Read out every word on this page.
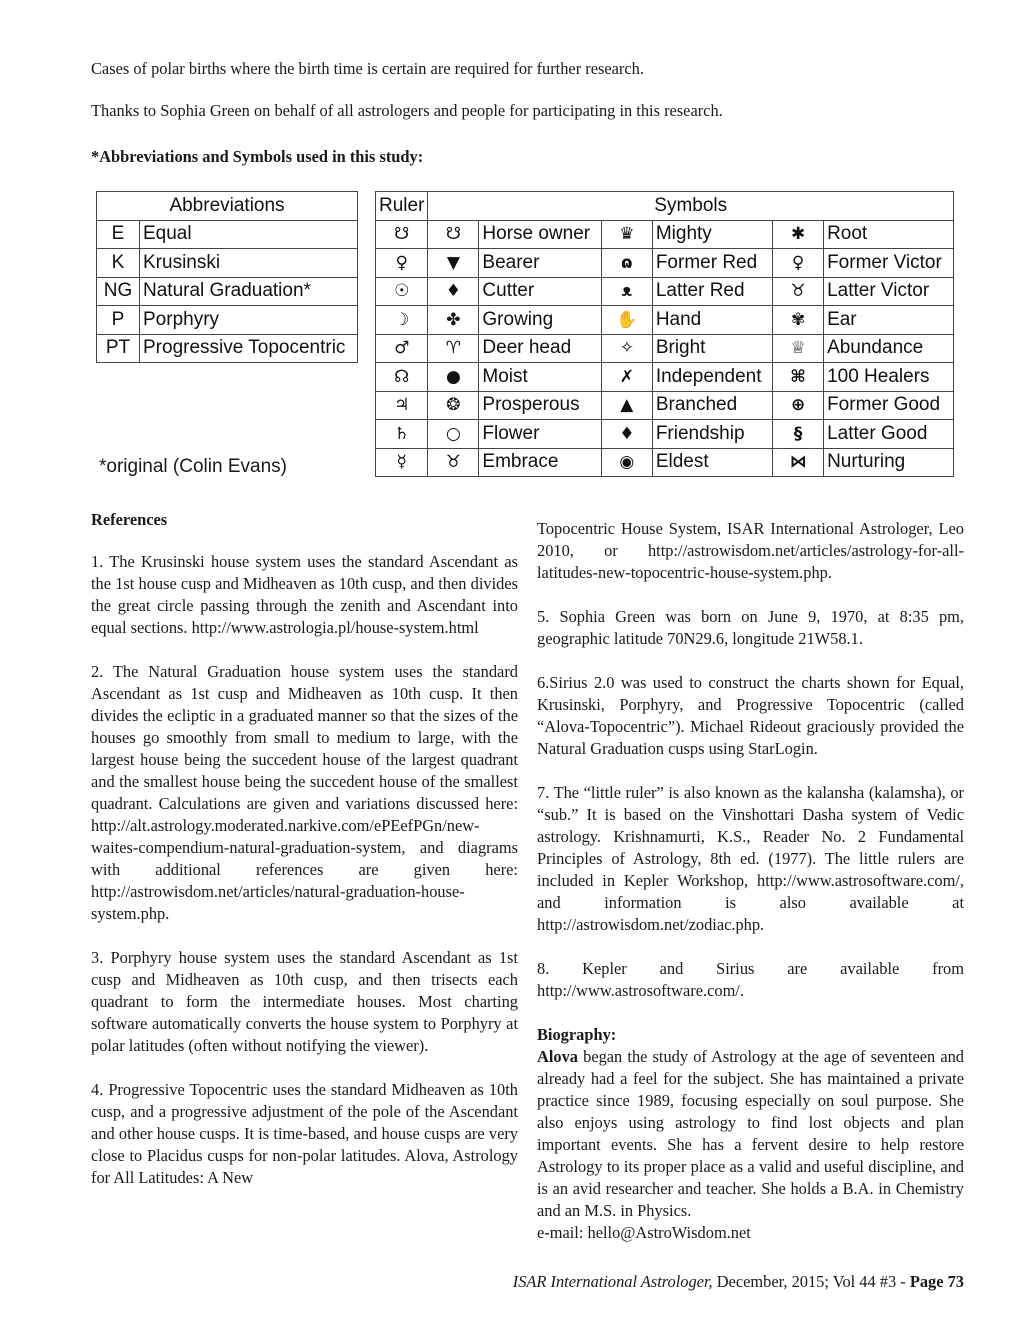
Cases of polar births where the birth time is certain are required for further research.
Thanks to Sophia Green on behalf of all astrologers and people for participating in this research.
*Abbreviations and Symbols used in this study:
Abbreviations	
E	Equal
K	Krusinski
NG	Natural Graduation*
P	Porphyry
PT	Progressive Topocentric
*original (Colin Evans)
Ruler	Symbols					
☋	☋	Horse owner	♛	Mighty	✱	Root
♀	▼	Bearer	ɷ	Former Red	♀	Former Victor
☉	♦	Cutter	ᴥ	Latter Red	♉	Latter Victor
☽	✤	Growing	✋	Hand	✾	Ear
♂	♈	Deer head	✧	Bright	♕	Abundance
☊	●	Moist	✗	Independent	⌘	100 Healers
♃	❂	Prosperous	▲	Branched	⊕	Former Good
♄	○	Flower	♦	Friendship	§	Latter Good
☿	♉	Embrace	◉	Eldest	⋈	Nurturing
References

1. The Krusinski house system uses the standard Ascendant as the 1st house cusp and Midheaven as 10th cusp, and then divides the great circle passing through the zenith and Ascendant into equal sections. http://www.astrologia.pl/house-system.html

2. The Natural Graduation house system uses the standard Ascendant as 1st cusp and Midheaven as 10th cusp. It then divides the ecliptic in a graduated manner so that the sizes of the houses go smoothly from small to medium to large, with the largest house being the succedent house of the largest quadrant and the smallest house being the succedent house of the smallest quadrant. Calculations are given and variations discussed here: http://alt.astrology.moderated.narkive.com/ePEefPGn/new-waites-compendium-natural-graduation-system, and diagrams with additional references are given here: http://astrowisdom.net/articles/natural-graduation-house-system.php.

3. Porphyry house system uses the standard Ascendant as 1st cusp and Midheaven as 10th cusp, and then trisects each quadrant to form the intermediate houses. Most charting software automatically converts the house system to Porphyry at polar latitudes (often without notifying the viewer).

4. Progressive Topocentric uses the standard Midheaven as 10th cusp, and a progressive adjustment of the pole of the Ascendant and other house cusps. It is time-based, and house cusps are very close to Placidus cusps for non-polar latitudes. Alova, Astrology for All Latitudes: A New

Topocentric House System, ISAR International Astrologer, Leo 2010, or http://astrowisdom.net/articles/astrology-for-all-latitudes-new-topocentric-house-system.php.

5. Sophia Green was born on June 9, 1970, at 8:35 pm, geographic latitude 70N29.6, longitude 21W58.1.

6.Sirius 2.0 was used to construct the charts shown for Equal, Krusinski, Porphyry, and Progressive Topocentric (called “Alova-Topocentric”). Michael Rideout graciously provided the Natural Graduation cusps using StarLogin.

7. The “little ruler” is also known as the kalansha (kalamsha), or “sub.” It is based on the Vinshottari Dasha system of Vedic astrology. Krishnamurti, K.S., Reader No. 2 Fundamental Principles of Astrology, 8th ed. (1977). The little rulers are included in Kepler Workshop, http://www.astrosoftware.com/, and information is also available at http://astrowisdom.net/zodiac.php.

8. Kepler and Sirius are available from http://www.astrosoftware.com/.

Biography:

Alova began the study of Astrology at the age of seventeen and already had a feel for the subject. She has maintained a private practice since 1989, focusing especially on soul purpose. She also enjoys using astrology to find lost objects and plan important events. She has a fervent desire to help restore Astrology to its proper place as a valid and useful discipline, and is an avid researcher and teacher. She holds a B.A. in Chemistry and an M.S. in Physics.

e-mail: hello@AstroWisdom.net

ISAR International Astrologer, December, 2015; Vol 44 #3 - Page 73
